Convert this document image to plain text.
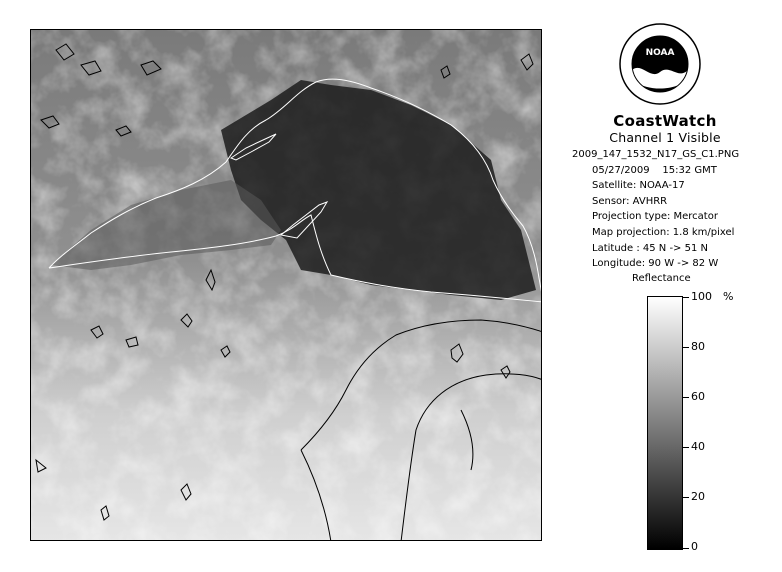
NOAA
CoastWatch
Channel 1 Visible
2009_147_1532_N17_GS_C1.PNG
05/27/2009 15:32 GMT
Satellite: NOAA-17
Sensor: AVHRR
Projection type: Mercator
Map projection: 1.8 km/pixel
Latitude : 45 N -> 51 N
Longitude: 90 W -> 82 W
Reflectance
%
100
80
60
40
20
0
